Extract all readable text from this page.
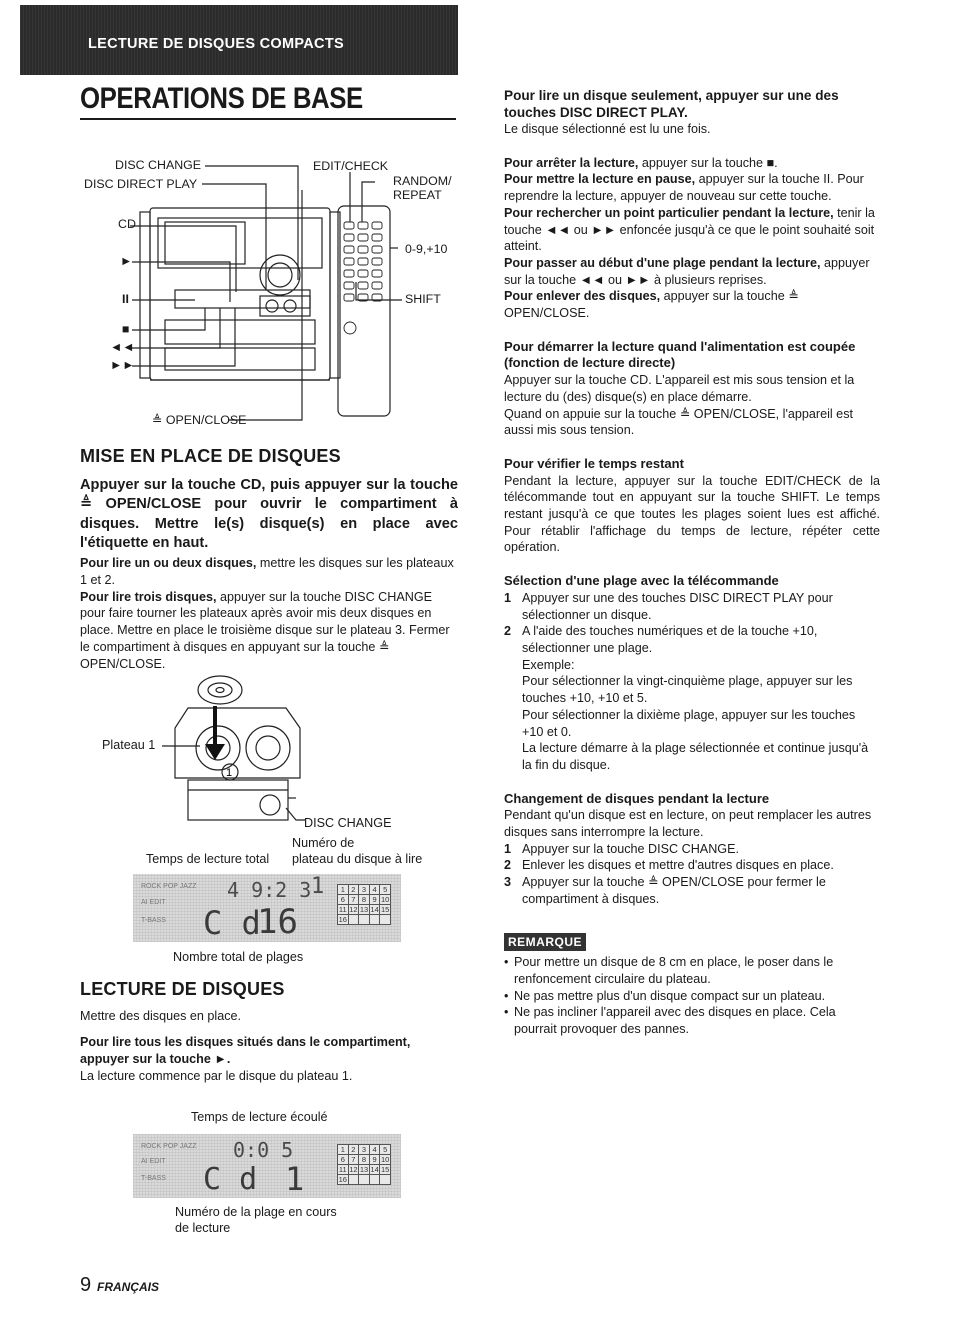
LECTURE DE DISQUES COMPACTS
OPERATIONS DE BASE
DISC CHANGE
DISC DIRECT PLAY
CD
►
II
■
◄◄
►►
≜ OPEN/CLOSE
EDIT/CHECK
RANDOM/
REPEAT
0-9,+10
SHIFT
MISE EN PLACE DE DISQUES

Appuyer sur la touche CD, puis appuyer sur la touche ≜ OPEN/CLOSE pour ouvrir le compartiment à disques. Mettre le(s) disque(s) en place avec l'étiquette en haut.

Pour lire un ou deux disques, mettre les disques sur les plateaux 1 et 2.

Pour lire trois disques, appuyer sur la touche DISC CHANGE pour faire tourner les plateaux après avoir mis deux disques en place. Mettre en place le troisième disque sur le plateau 3. Fermer le compartiment à disques en appuyant sur la touche ≜ OPEN/CLOSE.

1
Plateau 1
DISC CHANGE
Numéro de
Temps de lecture total plateau du disque à lire
ROCK POP JAZZ
AI EDIT
T-BASS
4 9:2 3 1
C d
16
1 2 3 4 5
6 7 8 9 10
11 12 13 14 15
16
Nombre total de plages
LECTURE DE DISQUES

Mettre des disques en place.

Pour lire tous les disques situés dans le compartiment, appuyer sur la touche ►.

La lecture commence par le disque du plateau 1.

Temps de lecture écoulé
ROCK POP JAZZ
AI EDIT
T-BASS
0:0 5
C d 1
1 2 3 4 5
6 7 8 9 10
11 12 13 14 15
16
Numéro de la plage en cours
de lecture

Pour lire un disque seulement, appuyer sur une des touches DISC DIRECT PLAY.

Le disque sélectionné est lu une fois.

Pour arrêter la lecture, appuyer sur la touche ■.

Pour mettre la lecture en pause, appuyer sur la touche II. Pour reprendre la lecture, appuyer de nouveau sur cette touche.

Pour rechercher un point particulier pendant la lecture, tenir la touche ◄◄ ou ►► enfoncée jusqu'à ce que le point souhaité soit atteint.

Pour passer au début d'une plage pendant la lecture, appuyer sur la touche ◄◄ ou ►► à plusieurs reprises.

Pour enlever des disques, appuyer sur la touche ≜ OPEN/CLOSE.

Pour démarrer la lecture quand l'alimentation est coupée (fonction de lecture directe)

Appuyer sur la touche CD. L'appareil est mis sous tension et la lecture du (des) disque(s) en place démarre.

Quand on appuie sur la touche ≜ OPEN/CLOSE, l'appareil est aussi mis sous tension.

Pour vérifier le temps restant

Pendant la lecture, appuyer sur la touche EDIT/CHECK de la télécommande tout en appuyant sur la touche SHIFT. Le temps restant jusqu'à ce que toutes les plages soient lues est affiché. Pour rétablir l'affichage du temps de lecture, répéter cette opération.

Sélection d'une plage avec la télécommande

1 Appuyer sur une des touches DISC DIRECT PLAY pour sélectionner un disque.
2 A l'aide des touches numériques et de la touche +10, sélectionner une plage.

Exemple:

Pour sélectionner la vingt-cinquième plage, appuyer sur les touches +10, +10 et 5.

Pour sélectionner la dixième plage, appuyer sur les touches +10 et 0.

La lecture démarre à la plage sélectionnée et continue jusqu'à la fin du disque.

Changement de disques pendant la lecture

Pendant qu'un disque est en lecture, on peut remplacer les autres disques sans interrompre la lecture.

1 Appuyer sur la touche DISC CHANGE.
2 Enlever les disques et mettre d'autres disques en place.
3 Appuyer sur la touche ≜ OPEN/CLOSE pour fermer le compartiment à disques.
REMARQUE
• Pour mettre un disque de 8 cm en place, le poser dans le renfoncement circulaire du plateau.
• Ne pas mettre plus d'un disque compact sur un plateau.
• Ne pas incliner l'appareil avec des disques en place. Cela pourrait provoquer des pannes.
9 FRANÇAIS
